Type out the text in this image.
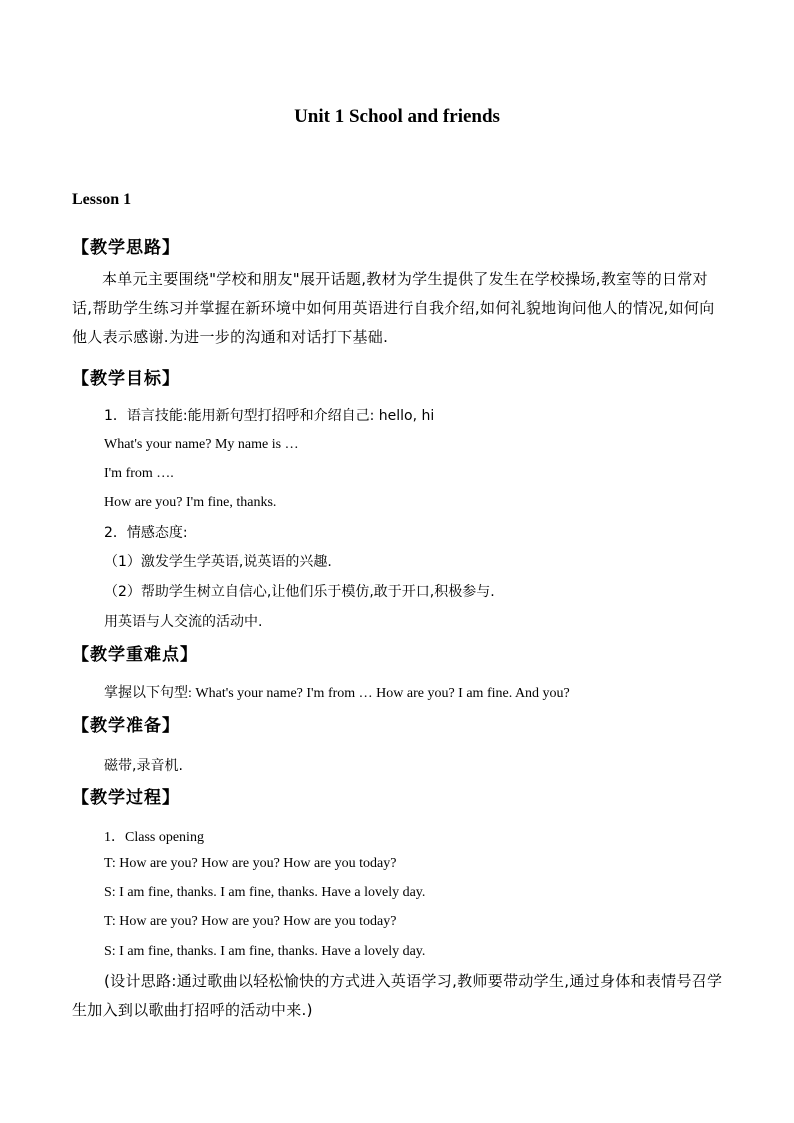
Unit 1 School and friends
Lesson 1
【教学思路】
本单元主要围绕"学校和朋友"展开话题,教材为学生提供了发生在学校操场,教室等的日常对话,帮助学生练习并掌握在新环境中如何用英语进行自我介绍,如何礼貌地询问他人的情况,如何向他人表示感谢.为进一步的沟通和对话打下基础.
【教学目标】
1．语言技能:能用新句型打招呼和介绍自己: hello, hi
What's your name? My name is …
I'm from ….
How are you? I'm fine, thanks.
2．情感态度:
（1）激发学生学英语,说英语的兴趣.
（2）帮助学生树立自信心,让他们乐于模仿,敢于开口,积极参与.
用英语与人交流的活动中.
【教学重难点】
掌握以下句型: What's your name? I'm from … How are you? I am fine. And you?
【教学准备】
磁带,录音机.
【教学过程】
1．Class opening
T: How are you? How are you? How are you today?
S: I am fine, thanks. I am fine, thanks. Have a lovely day.
T: How are you? How are you? How are you today?
S: I am fine, thanks. I am fine, thanks. Have a lovely day.
(设计思路:通过歌曲以轻松愉快的方式进入英语学习,教师要带动学生,通过身体和表情号召学生加入到以歌曲打招呼的活动中来.)
